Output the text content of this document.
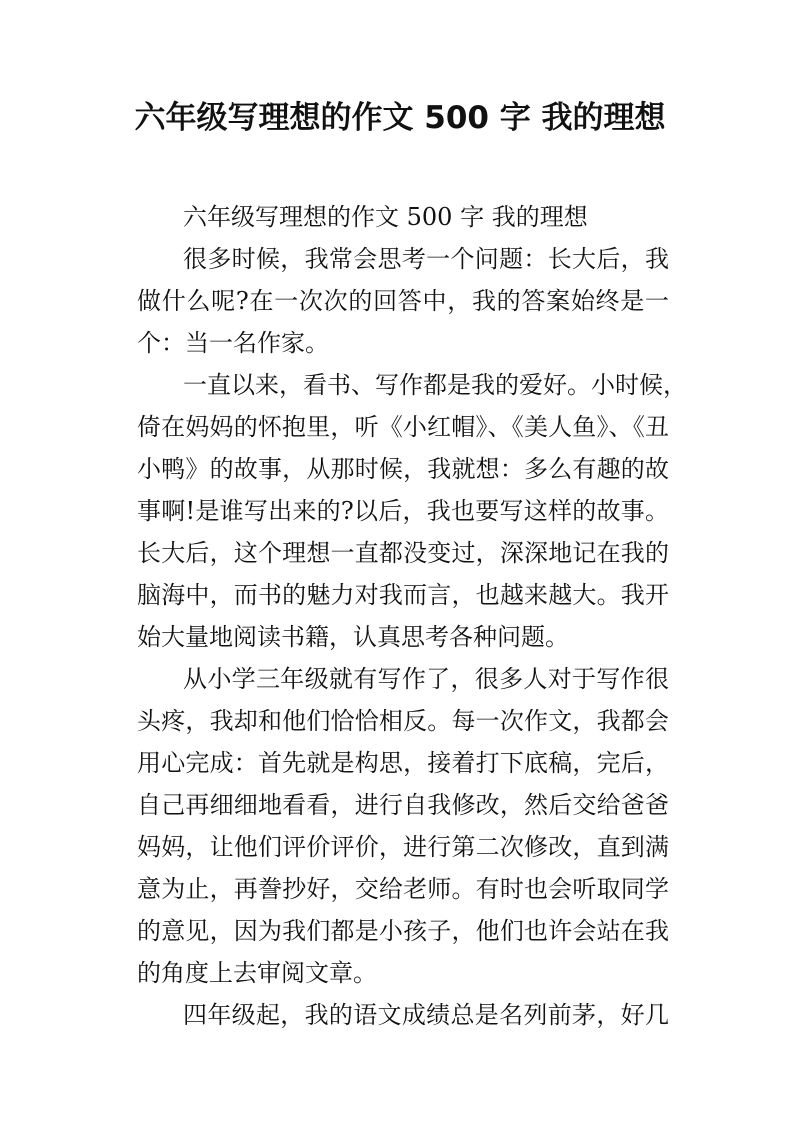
六年级写理想的作文 500 字 我的理想
六年级写理想的作文 500 字 我的理想
很多时候，我常会思考一个问题：长大后，我
做什么呢?在一次次的回答中，我的答案始终是一
个：当一名作家。
一直以来，看书、写作都是我的爱好。小时候，
倚在妈妈的怀抱里，听《小红帽》、《美人鱼》、《丑
小鸭》的故事，从那时候，我就想：多么有趣的故
事啊!是谁写出来的?以后，我也要写这样的故事。
长大后，这个理想一直都没变过，深深地记在我的
脑海中，而书的魅力对我而言，也越来越大。我开
始大量地阅读书籍，认真思考各种问题。
从小学三年级就有写作了，很多人对于写作很
头疼，我却和他们恰恰相反。每一次作文，我都会
用心完成：首先就是构思，接着打下底稿，完后，
自己再细细地看看，进行自我修改，然后交给爸爸
妈妈，让他们评价评价，进行第二次修改，直到满
意为止，再誊抄好，交给老师。有时也会听取同学
的意见，因为我们都是小孩子，他们也许会站在我
的角度上去审阅文章。
四年级起，我的语文成绩总是名列前茅，好几
